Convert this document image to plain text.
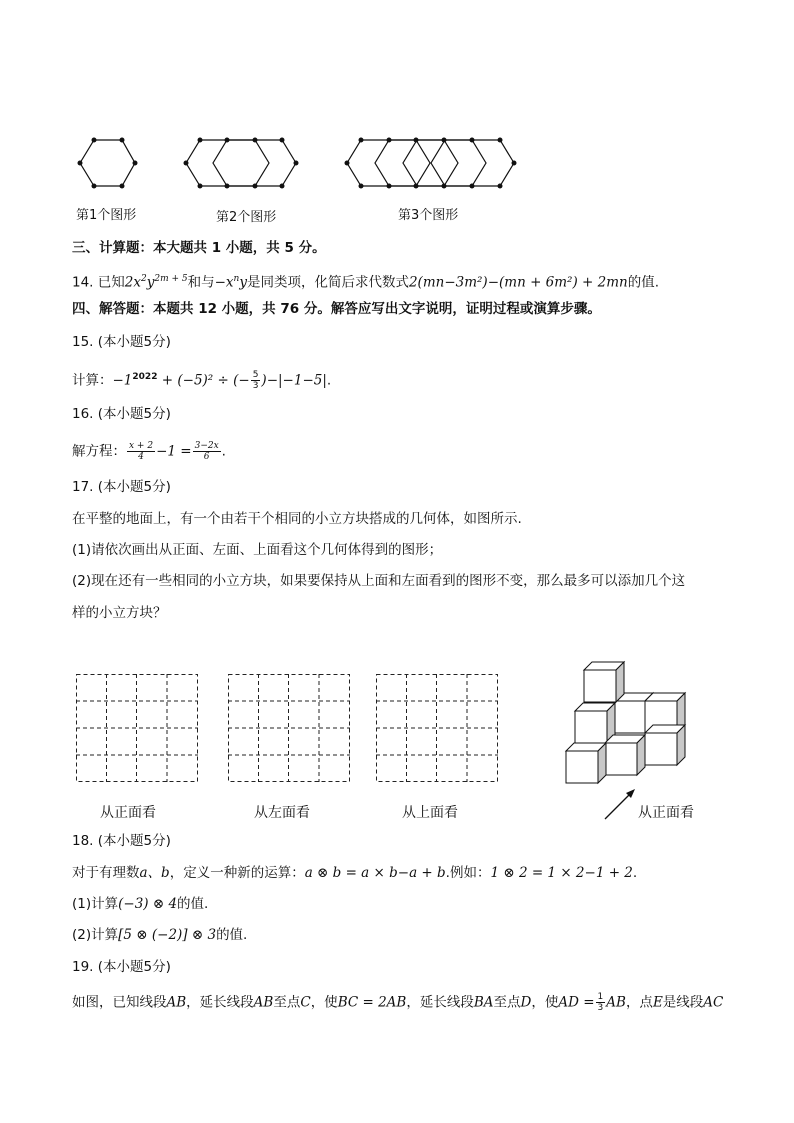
第1个图形	第2个图形	第3个图形
三、计算题：本大题共 1 小题，共 5 分。
14. 已知$2x^2y^{2m + 5}$和与$-x^ny$是同类项，化简后求代数式2(mn−3m²)−(mn + 6m²) + 2mn的值.
四、解答题：本题共 12 小题，共 76 分。解答应写出文字说明，证明过程或演算步骤。
15. (本小题5分)
计算：$-1^{2022} + (-5)^2$ ÷ (− $\frac{5}{3} )-|-1-5|$.
16. (本小题5分)
解方程： $\frac{x + 2}{4} -1 = \frac{3-2x}{6}$ .
17. (本小题5分)
在平整的地面上，有一个由若干个相同的小立方块搭成的几何体，如图所示.
(1)请依次画出从正面、左面、上面看这个几何体得到的图形；
(2)现在还有一些相同的小立方块，如果要保持从上面和左面看到的图形不变，那么最多可以添加几个这
样的小立方块？
从正面看	从左面看	从上面看	从正面看
18. (本小题5分)
对于有理数a、b，定义一种新的运算：a ⊗ b = a × b−a + b.例如：1 ⊗ 2 = 1 × 2−1 + 2.
(1)计算(−3) ⊗ 4的值.
(2)计算[5 ⊗ (−2)] ⊗ 3的值.
19. (本小题5分)
如图，已知线段AB，延长线段AB至点C，使BC = 2AB，延长线段BA至点D，使AD = $\frac{1}{3}$ AB，点E是线段AC
